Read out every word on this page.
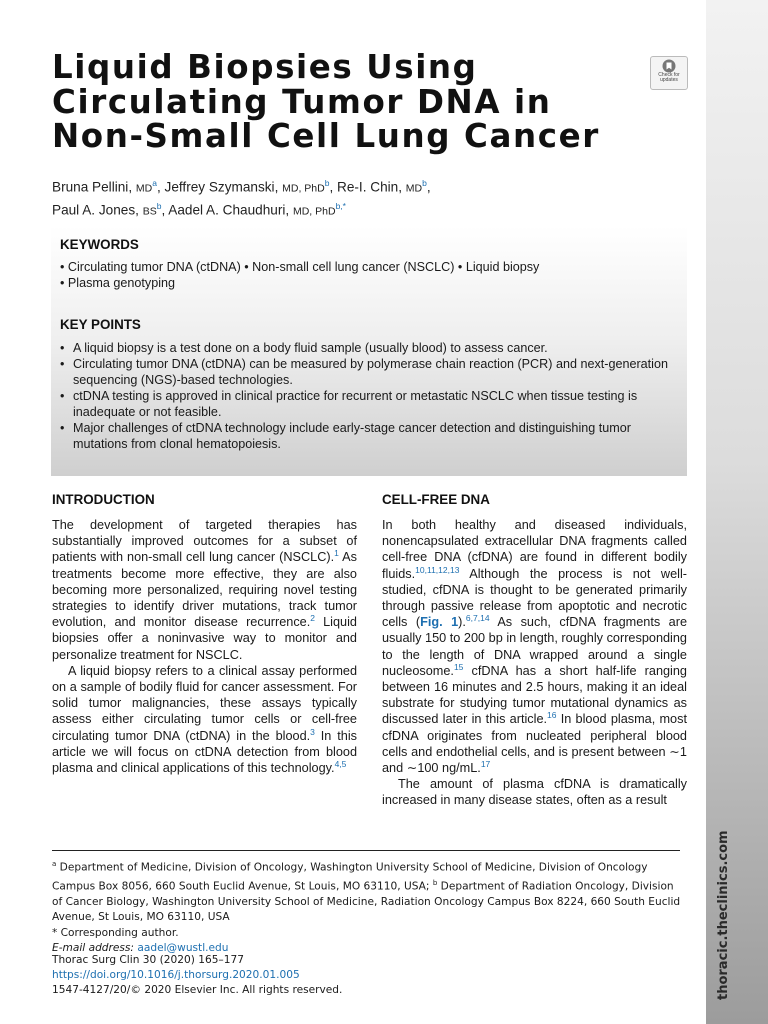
thoracic.theclinics.com
Liquid Biopsies Using Circulating Tumor DNA in Non-Small Cell Lung Cancer
Check for updates
Bruna Pellini, $MD^a$, Jeffrey Szymanski, MD, PhD$^b$, Re-I. Chin, $MD^b$,
Paul A. Jones, $BS^b$, Aadel A. Chaudhuri, MD, PhD$^{b,*}$
KEYWORDS
• Circulating tumor DNA (ctDNA) • Non-small cell lung cancer (NSCLC) • Liquid biopsy
• Plasma genotyping
KEY POINTS
• A liquid biopsy is a test done on a body fluid sample (usually blood) to assess cancer.
• Circulating tumor DNA (ctDNA) can be measured by polymerase chain reaction (PCR) and next-generation sequencing (NGS)-based technologies.
• ctDNA testing is approved in clinical practice for recurrent or metastatic NSCLC when tissue testing is inadequate or not feasible.
• Major challenges of ctDNA technology include early-stage cancer detection and distinguishing tumor mutations from clonal hematopoiesis.
INTRODUCTION

The development of targeted therapies has substantially improved outcomes for a subset of patients with non-small cell lung cancer (NSCLC).$^1$ As treatments become more effective, they are also becoming more personalized, requiring novel testing strategies to identify driver mutations, track tumor evolution, and monitor disease recurrence.$^2$ Liquid biopsies offer a noninvasive way to monitor and personalize treatment for NSCLC.

A liquid biopsy refers to a clinical assay performed on a sample of bodily fluid for cancer assessment. For solid tumor malignancies, these assays typically assess either circulating tumor cells or cell-free circulating tumor DNA (ctDNA) in the blood.$^3$ In this article we will focus on ctDNA detection from blood plasma and clinical applications of this technology.$^{4,5}$

CELL-FREE DNA

In both healthy and diseased individuals, nonencapsulated extracellular DNA fragments called cell-free DNA (cfDNA) are found in different bodily fluids.$^{10,11,12,13}$ Although the process is not well-studied, cfDNA is thought to be generated primarily through passive release from apoptotic and necrotic cells (Fig. 1).$^{6,7,14}$ As such, cfDNA fragments are usually 150 to 200 bp in length, roughly corresponding to the length of DNA wrapped around a single nucleosome.$^{15}$ cfDNA has a short half-life ranging between 16 minutes and 2.5 hours, making it an ideal substrate for studying tumor mutational dynamics as discussed later in this article.$^{16}$ In blood plasma, most cfDNA originates from nucleated peripheral blood cells and endothelial cells, and is present between ∼1 and ∼100 ng/mL.$^{17}$

The amount of plasma cfDNA is dramatically increased in many disease states, often as a result

$^a$ Department of Medicine, Division of Oncology, Washington University School of Medicine, Division of Oncology Campus Box 8056, 660 South Euclid Avenue, St Louis, MO 63110, USA; $^b$ Department of Radiation Oncology, Division of Cancer Biology, Washington University School of Medicine, Radiation Oncology Campus Box 8224, 660 South Euclid Avenue, St Louis, MO 63110, USA

* Corresponding author.

E-mail address: aadel@wustl.edu

Thorac Surg Clin 30 (2020) 165–177

https://doi.org/10.1016/j.thorsurg.2020.01.005

1547-4127/20/© 2020 Elsevier Inc. All rights reserved.
